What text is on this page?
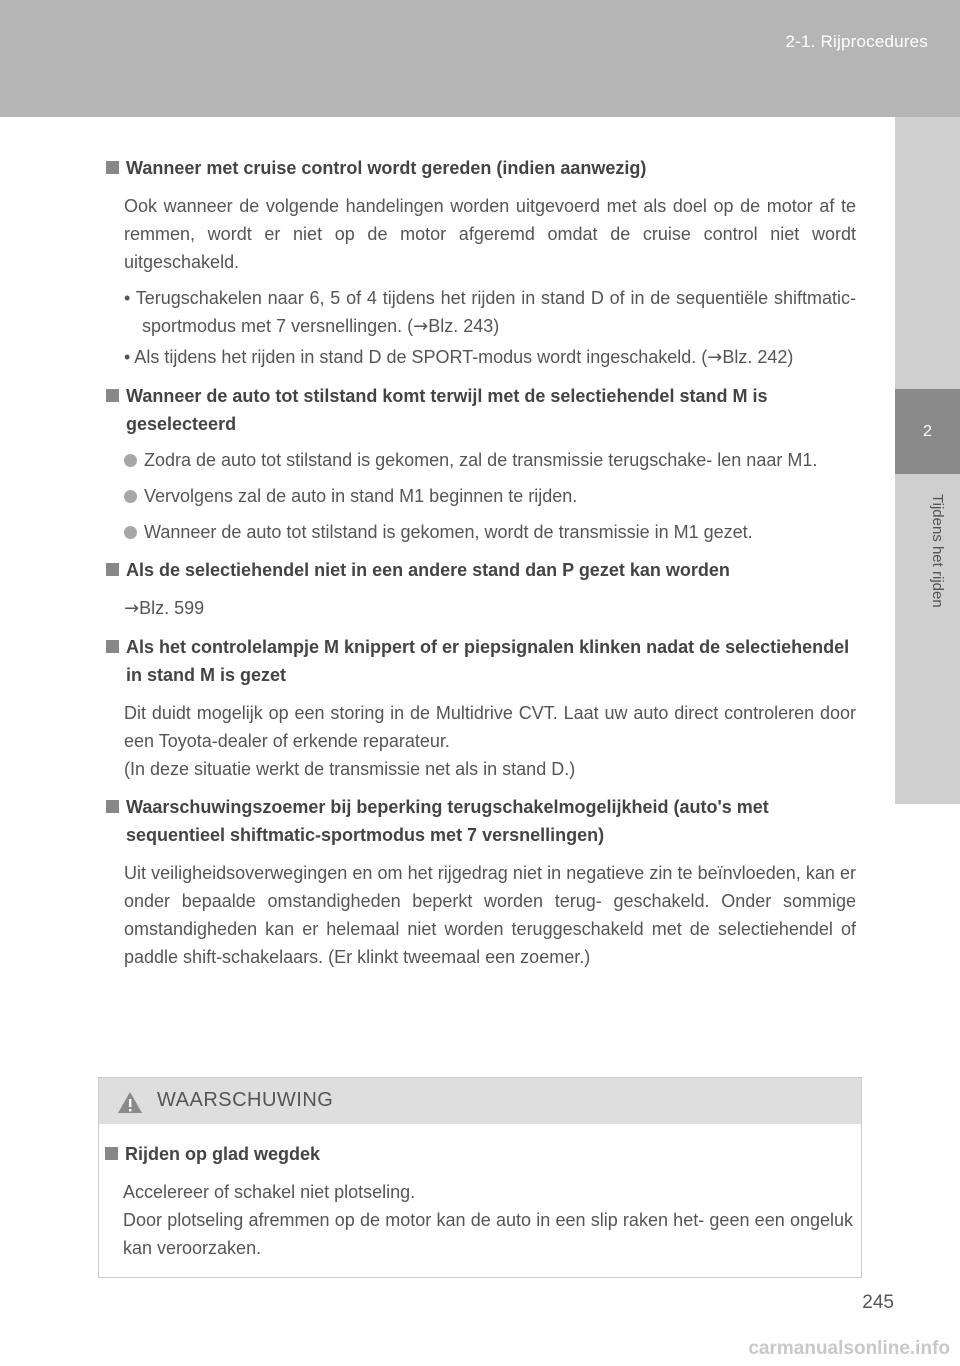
2-1. Rijprocedures
2
Tijdens het rijden
Wanneer met cruise control wordt gereden (indien aanwezig)
Ook wanneer de volgende handelingen worden uitgevoerd met als doel op de motor af te remmen, wordt er niet op de motor afgeremd omdat de cruise control niet wordt uitgeschakeld.
• Terugschakelen naar 6, 5 of 4 tijdens het rijden in stand D of in de sequentiële shiftmatic-sportmodus met 7 versnellingen. (→Blz. 243)
• Als tijdens het rijden in stand D de SPORT-modus wordt ingeschakeld. (→Blz. 242)
Wanneer de auto tot stilstand komt terwijl met de selectiehendel stand M is geselecteerd
Zodra de auto tot stilstand is gekomen, zal de transmissie terugschake- len naar M1.
Vervolgens zal de auto in stand M1 beginnen te rijden.
Wanneer de auto tot stilstand is gekomen, wordt de transmissie in M1 gezet.
Als de selectiehendel niet in een andere stand dan P gezet kan worden
→Blz. 599
Als het controlelampje M knippert of er piepsignalen klinken nadat de selectiehendel in stand M is gezet
Dit duidt mogelijk op een storing in de Multidrive CVT. Laat uw auto direct controleren door een Toyota-dealer of erkende reparateur.
(In deze situatie werkt de transmissie net als in stand D.)
Waarschuwingszoemer bij beperking terugschakelmogelijkheid (auto's met sequentieel shiftmatic-sportmodus met 7 versnellingen)
Uit veiligheidsoverwegingen en om het rijgedrag niet in negatieve zin te beïnvloeden, kan er onder bepaalde omstandigheden beperkt worden terug- geschakeld. Onder sommige omstandigheden kan er helemaal niet worden teruggeschakeld met de selectiehendel of paddle shift-schakelaars. (Er klinkt tweemaal een zoemer.)
WAARSCHUWING
Rijden op glad wegdek
Accelereer of schakel niet plotseling.
Door plotseling afremmen op de motor kan de auto in een slip raken het- geen een ongeluk kan veroorzaken.
245
carmanualsonline.info
